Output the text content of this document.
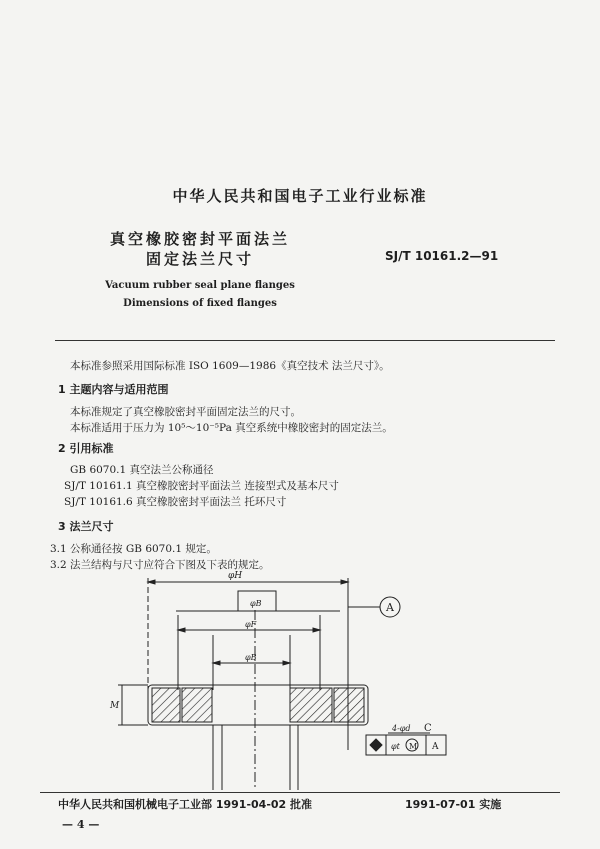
中华人民共和国电子工业行业标准
真空橡胶密封平面法兰
固定法兰尺寸	SJ/T 10161.2—91
Vacuum rubber seal plane flanges
Dimensions of fixed flanges
本标准参照采用国际标准 ISO 1609—1986《真空技术 法兰尺寸》。
1 主题内容与适用范围
本标准规定了真空橡胶密封平面固定法兰的尺寸。
本标准适用于压力为 10⁵～10⁻⁵Pa 真空系统中橡胶密封的固定法兰。
2 引用标准
GB 6070.1 真空法兰公称通径
SJ/T 10161.1 真空橡胶密封平面法兰 连接型式及基本尺寸
SJ/T 10161.6 真空橡胶密封平面法兰 托环尺寸
3 法兰尺寸
3.1 公称通径按 GB 6070.1 规定。
3.2 法兰结构与尺寸应符合下图及下表的规定。
φH
φB
φF
φB
M
A
4-φd C
φt M A
中华人民共和国机械电子工业部 1991-04-02 批准	1991-07-01 实施
— 4 —
